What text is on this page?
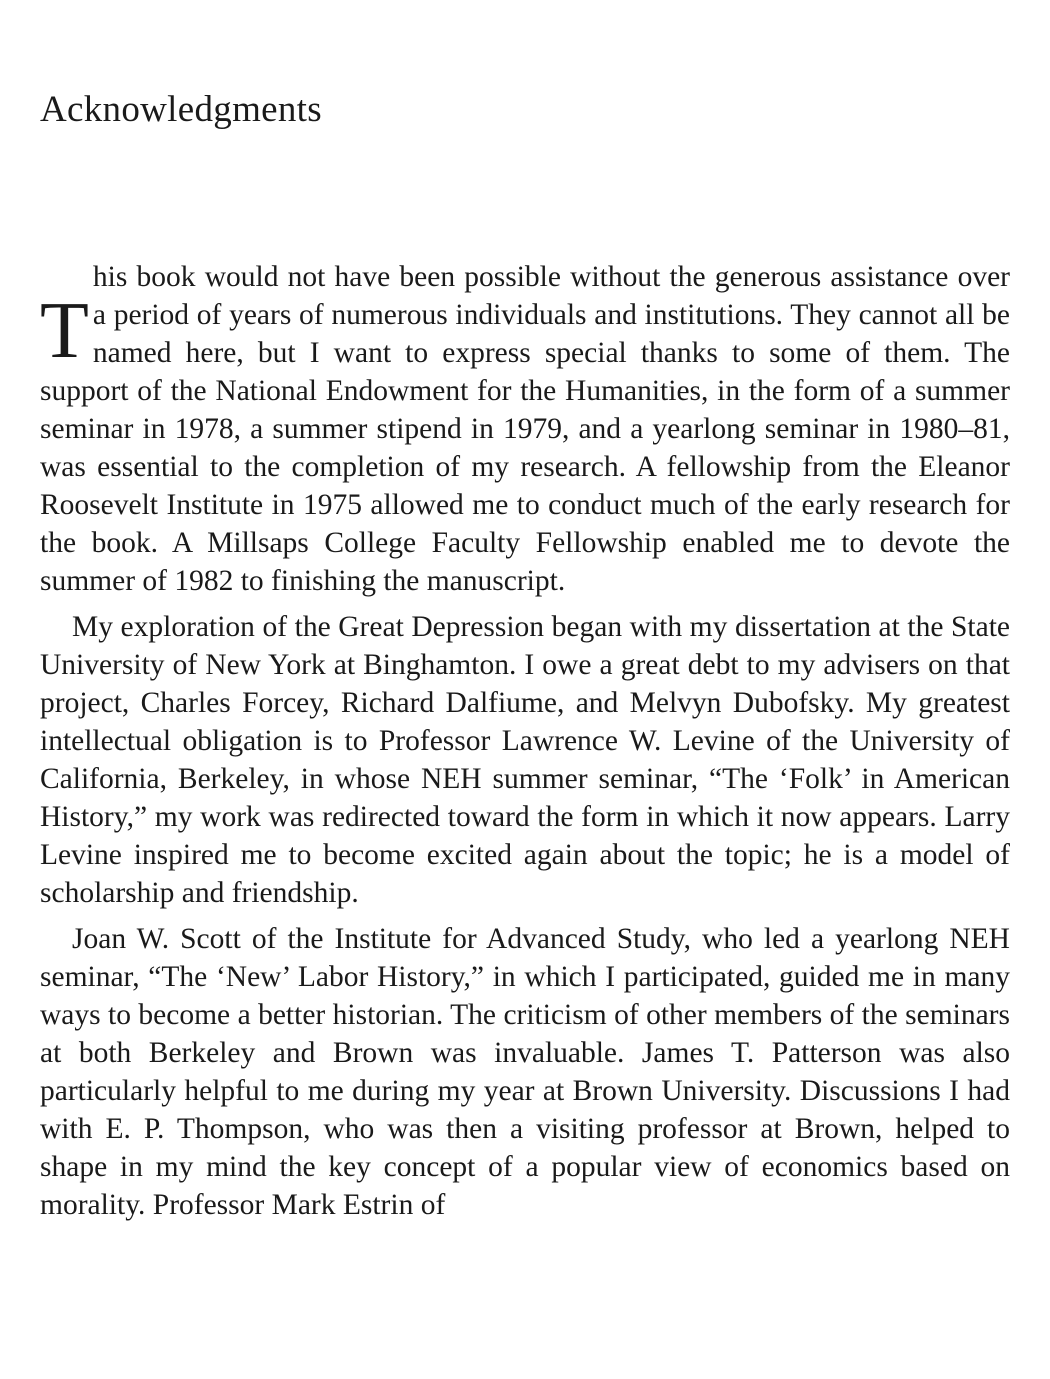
Acknowledgments

T
his book would not have been possible without the generous assistance over a period of years of numerous individuals and institutions. They cannot all be named here, but I want to express special thanks to some of them. The support of the National Endowment for the Humanities, in the form of a summer seminar in 1978, a summer stipend in 1979, and a yearlong seminar in 1980–81, was essential to the completion of my research. A fellowship from the Eleanor Roosevelt Institute in 1975 allowed me to conduct much of the early research for the book. A Millsaps College Faculty Fellowship enabled me to devote the summer of 1982 to finishing the manuscript.

My exploration of the Great Depression began with my dissertation at the State University of New York at Binghamton. I owe a great debt to my advisers on that project, Charles Forcey, Richard Dalfiume, and Melvyn Dubofsky. My greatest intellectual obligation is to Professor Lawrence W. Levine of the University of California, Berkeley, in whose NEH summer seminar, “The ‘Folk’ in American History,” my work was redirected toward the form in which it now appears. Larry Levine inspired me to become excited again about the topic; he is a model of scholarship and friendship.

Joan W. Scott of the Institute for Advanced Study, who led a yearlong NEH seminar, “The ‘New’ Labor History,” in which I participated, guided me in many ways to become a better historian. The criticism of other members of the seminars at both Berkeley and Brown was invaluable. James T. Patterson was also particularly helpful to me during my year at Brown University. Discussions I had with E. P. Thompson, who was then a visiting professor at Brown, helped to shape in my mind the key concept of a popular view of economics based on morality. Professor Mark Estrin of
